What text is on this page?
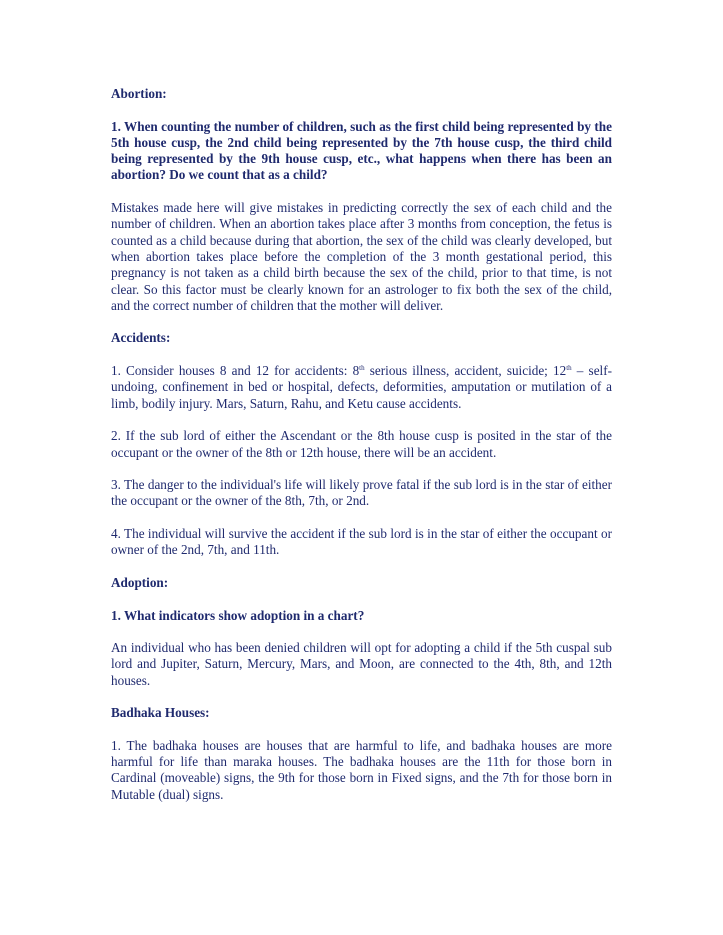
Abortion:

1. When counting the number of children, such as the first child being represented by the 5th house cusp, the 2nd child being represented by the 7th house cusp, the third child being represented by the 9th house cusp, etc., what happens when there has been an abortion? Do we count that as a child?

Mistakes made here will give mistakes in predicting correctly the sex of each child and the number of children. When an abortion takes place after 3 months from conception, the fetus is counted as a child because during that abortion, the sex of the child was clearly developed, but when abortion takes place before the completion of the 3 month gestational period, this pregnancy is not taken as a child birth because the sex of the child, prior to that time, is not clear. So this factor must be clearly known for an astrologer to fix both the sex of the child, and the correct number of children that the mother will deliver.

Accidents:

1. Consider houses 8 and 12 for accidents: 8th serious illness, accident, suicide; 12th – self-undoing, confinement in bed or hospital, defects, deformities, amputation or mutilation of a limb, bodily injury. Mars, Saturn, Rahu, and Ketu cause accidents.

2. If the sub lord of either the Ascendant or the 8th house cusp is posited in the star of the occupant or the owner of the 8th or 12th house, there will be an accident.

3. The danger to the individual's life will likely prove fatal if the sub lord is in the star of either the occupant or the owner of the 8th, 7th, or 2nd.

4. The individual will survive the accident if the sub lord is in the star of either the occupant or owner of the 2nd, 7th, and 11th.

Adoption:

1. What indicators show adoption in a chart?

An individual who has been denied children will opt for adopting a child if the 5th cuspal sub lord and Jupiter, Saturn, Mercury, Mars, and Moon, are connected to the 4th, 8th, and 12th houses.

Badhaka Houses:

1. The badhaka houses are houses that are harmful to life, and badhaka houses are more harmful for life than maraka houses. The badhaka houses are the 11th for those born in Cardinal (moveable) signs, the 9th for those born in Fixed signs, and the 7th for those born in Mutable (dual) signs.
